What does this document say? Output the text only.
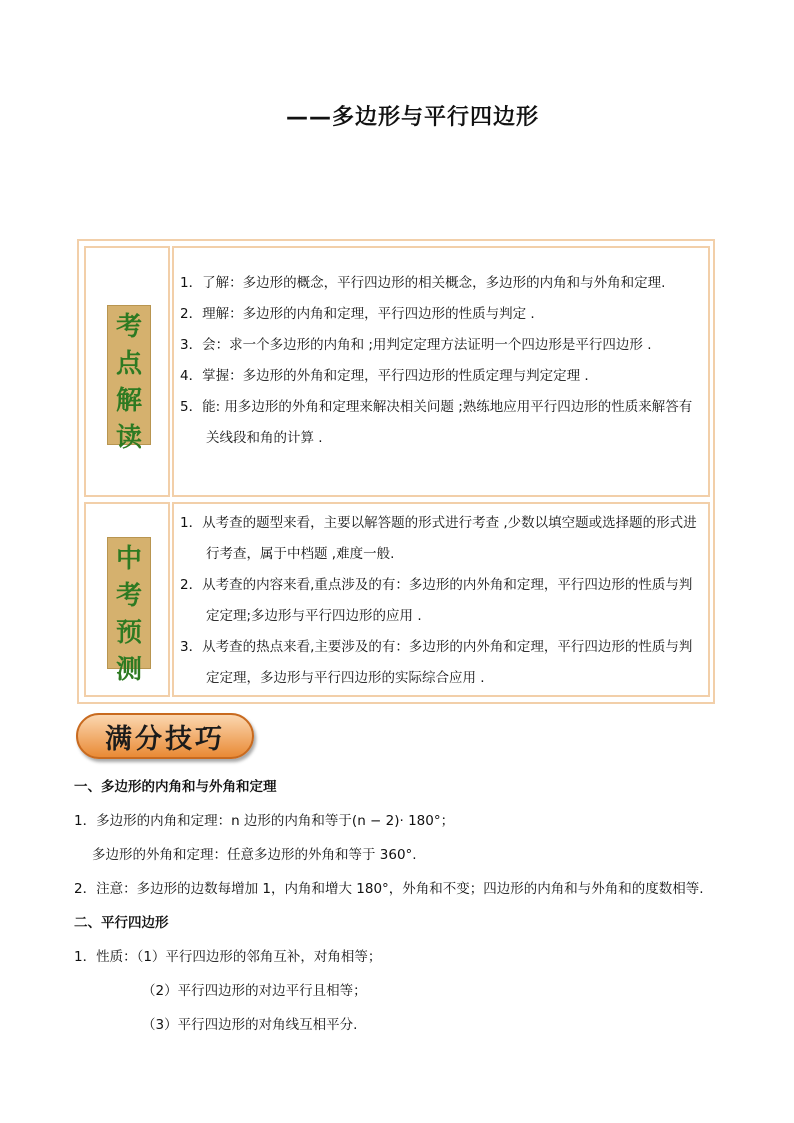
——多边形与平行四边形
考
点
解
读
1．了解：多边形的概念，平行四边形的相关概念，多边形的内角和与外角和定理.
2．理解：多边形的内角和定理，平行四边形的性质与判定 .
3．会：求一个多边形的内角和 ;用判定定理方法证明一个四边形是平行四边形 .
4．掌握：多边形的外角和定理，平行四边形的性质定理与判定定理 .
5．能: 用多边形的外角和定理来解决相关问题 ;熟练地应用平行四边形的性质来解答有关线段和角的计算 .
中
考
预
测
1．从考查的题型来看，主要以解答题的形式进行考查 ,少数以填空题或选择题的形式进行考查，属于中档题 ,难度一般.
2．从考查的内容来看,重点涉及的有：多边形的内外角和定理，平行四边形的性质与判定定理;多边形与平行四边形的应用 .
3．从考查的热点来看,主要涉及的有：多边形的内外角和定理，平行四边形的性质与判定定理，多边形与平行四边形的实际综合应用 .
满分技巧
一、多边形的内角和与外角和定理
1．多边形的内角和定理：n 边形的内角和等于(n − 2)· 180°；
多边形的外角和定理：任意多边形的外角和等于 360°.
2．注意：多边形的边数每增加 1，内角和增大 180°，外角和不变；四边形的内角和与外角和的度数相等.
二、平行四边形
1．性质：（1）平行四边形的邻角互补，对角相等；
（2）平行四边形的对边平行且相等；
（3）平行四边形的对角线互相平分.
